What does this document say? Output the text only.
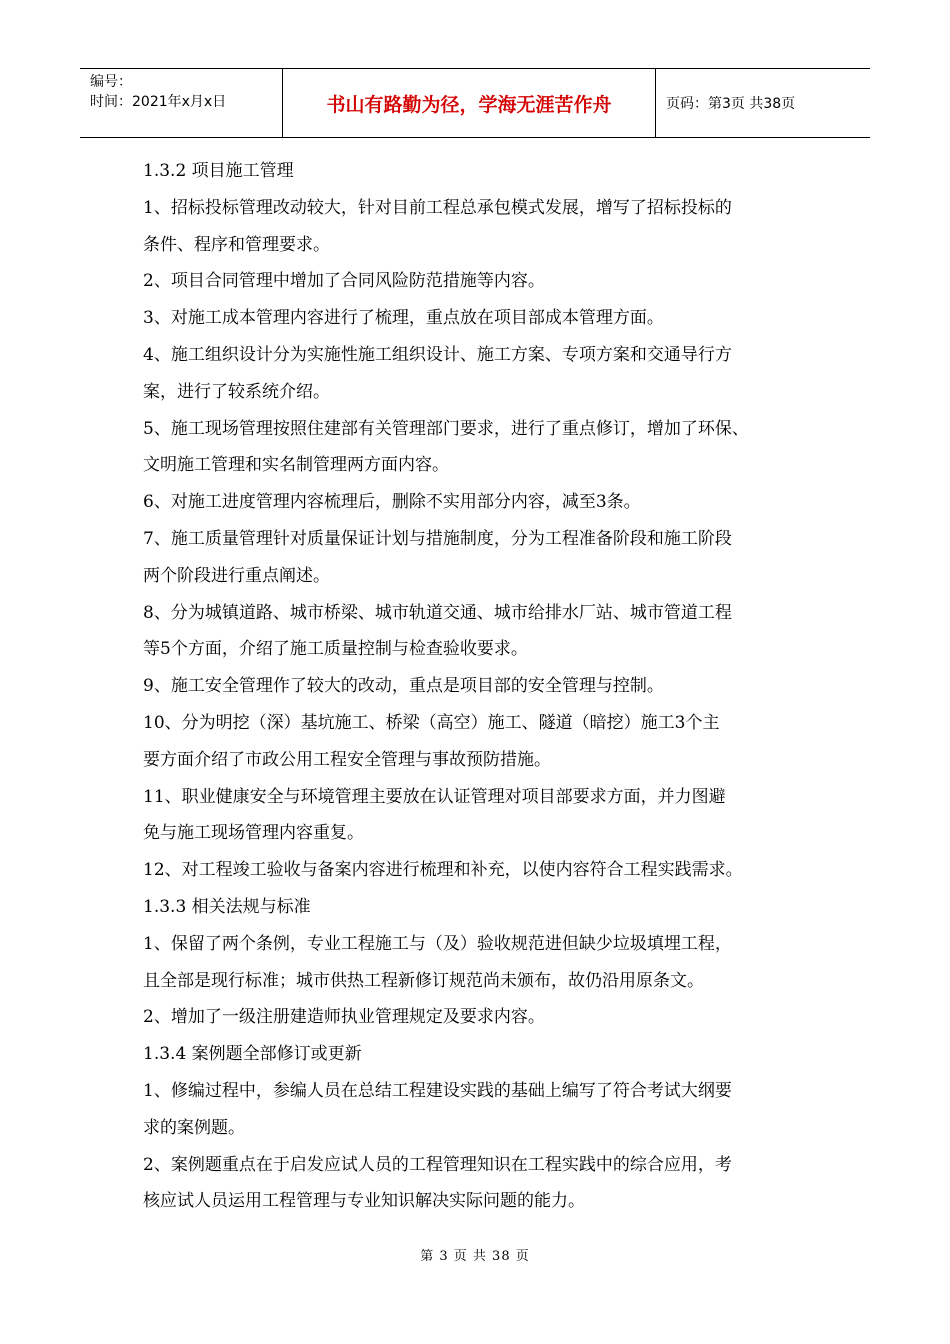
编号：
时间：2021年x月x日	书山有路勤为径，学海无涯苦作舟	页码：第3页 共38页

1.3.2 项目施工管理

1、招标投标管理改动较大，针对目前工程总承包模式发展，增写了招标投标的

条件、程序和管理要求。

2、项目合同管理中增加了合同风险防范措施等内容。

3、对施工成本管理内容进行了梳理，重点放在项目部成本管理方面。

4、施工组织设计分为实施性施工组织设计、施工方案、专项方案和交通导行方

案，进行了较系统介绍。

5、施工现场管理按照住建部有关管理部门要求，进行了重点修订，增加了环保、

文明施工管理和实名制管理两方面内容。

6、对施工进度管理内容梳理后，删除不实用部分内容，减至3条。

7、施工质量管理针对质量保证计划与措施制度，分为工程准备阶段和施工阶段

两个阶段进行重点阐述。

8、分为城镇道路、城市桥梁、城市轨道交通、城市给排水厂站、城市管道工程

等5个方面，介绍了施工质量控制与检查验收要求。

9、施工安全管理作了较大的改动，重点是项目部的安全管理与控制。

10、分为明挖（深）基坑施工、桥梁（高空）施工、隧道（暗挖）施工3个主

要方面介绍了市政公用工程安全管理与事故预防措施。

11、职业健康安全与环境管理主要放在认证管理对项目部要求方面，并力图避

免与施工现场管理内容重复。

12、对工程竣工验收与备案内容进行梳理和补充，以使内容符合工程实践需求。

1.3.3 相关法规与标准

1、保留了两个条例，专业工程施工与（及）验收规范进但缺少垃圾填埋工程，

且全部是现行标准；城市供热工程新修订规范尚未颁布，故仍沿用原条文。

2、增加了一级注册建造师执业管理规定及要求内容。

1.3.4 案例题全部修订或更新

1、修编过程中，参编人员在总结工程建设实践的基础上编写了符合考试大纲要

求的案例题。

2、案例题重点在于启发应试人员的工程管理知识在工程实践中的综合应用，考

核应试人员运用工程管理与专业知识解决实际问题的能力。

第 3 页 共 38 页
